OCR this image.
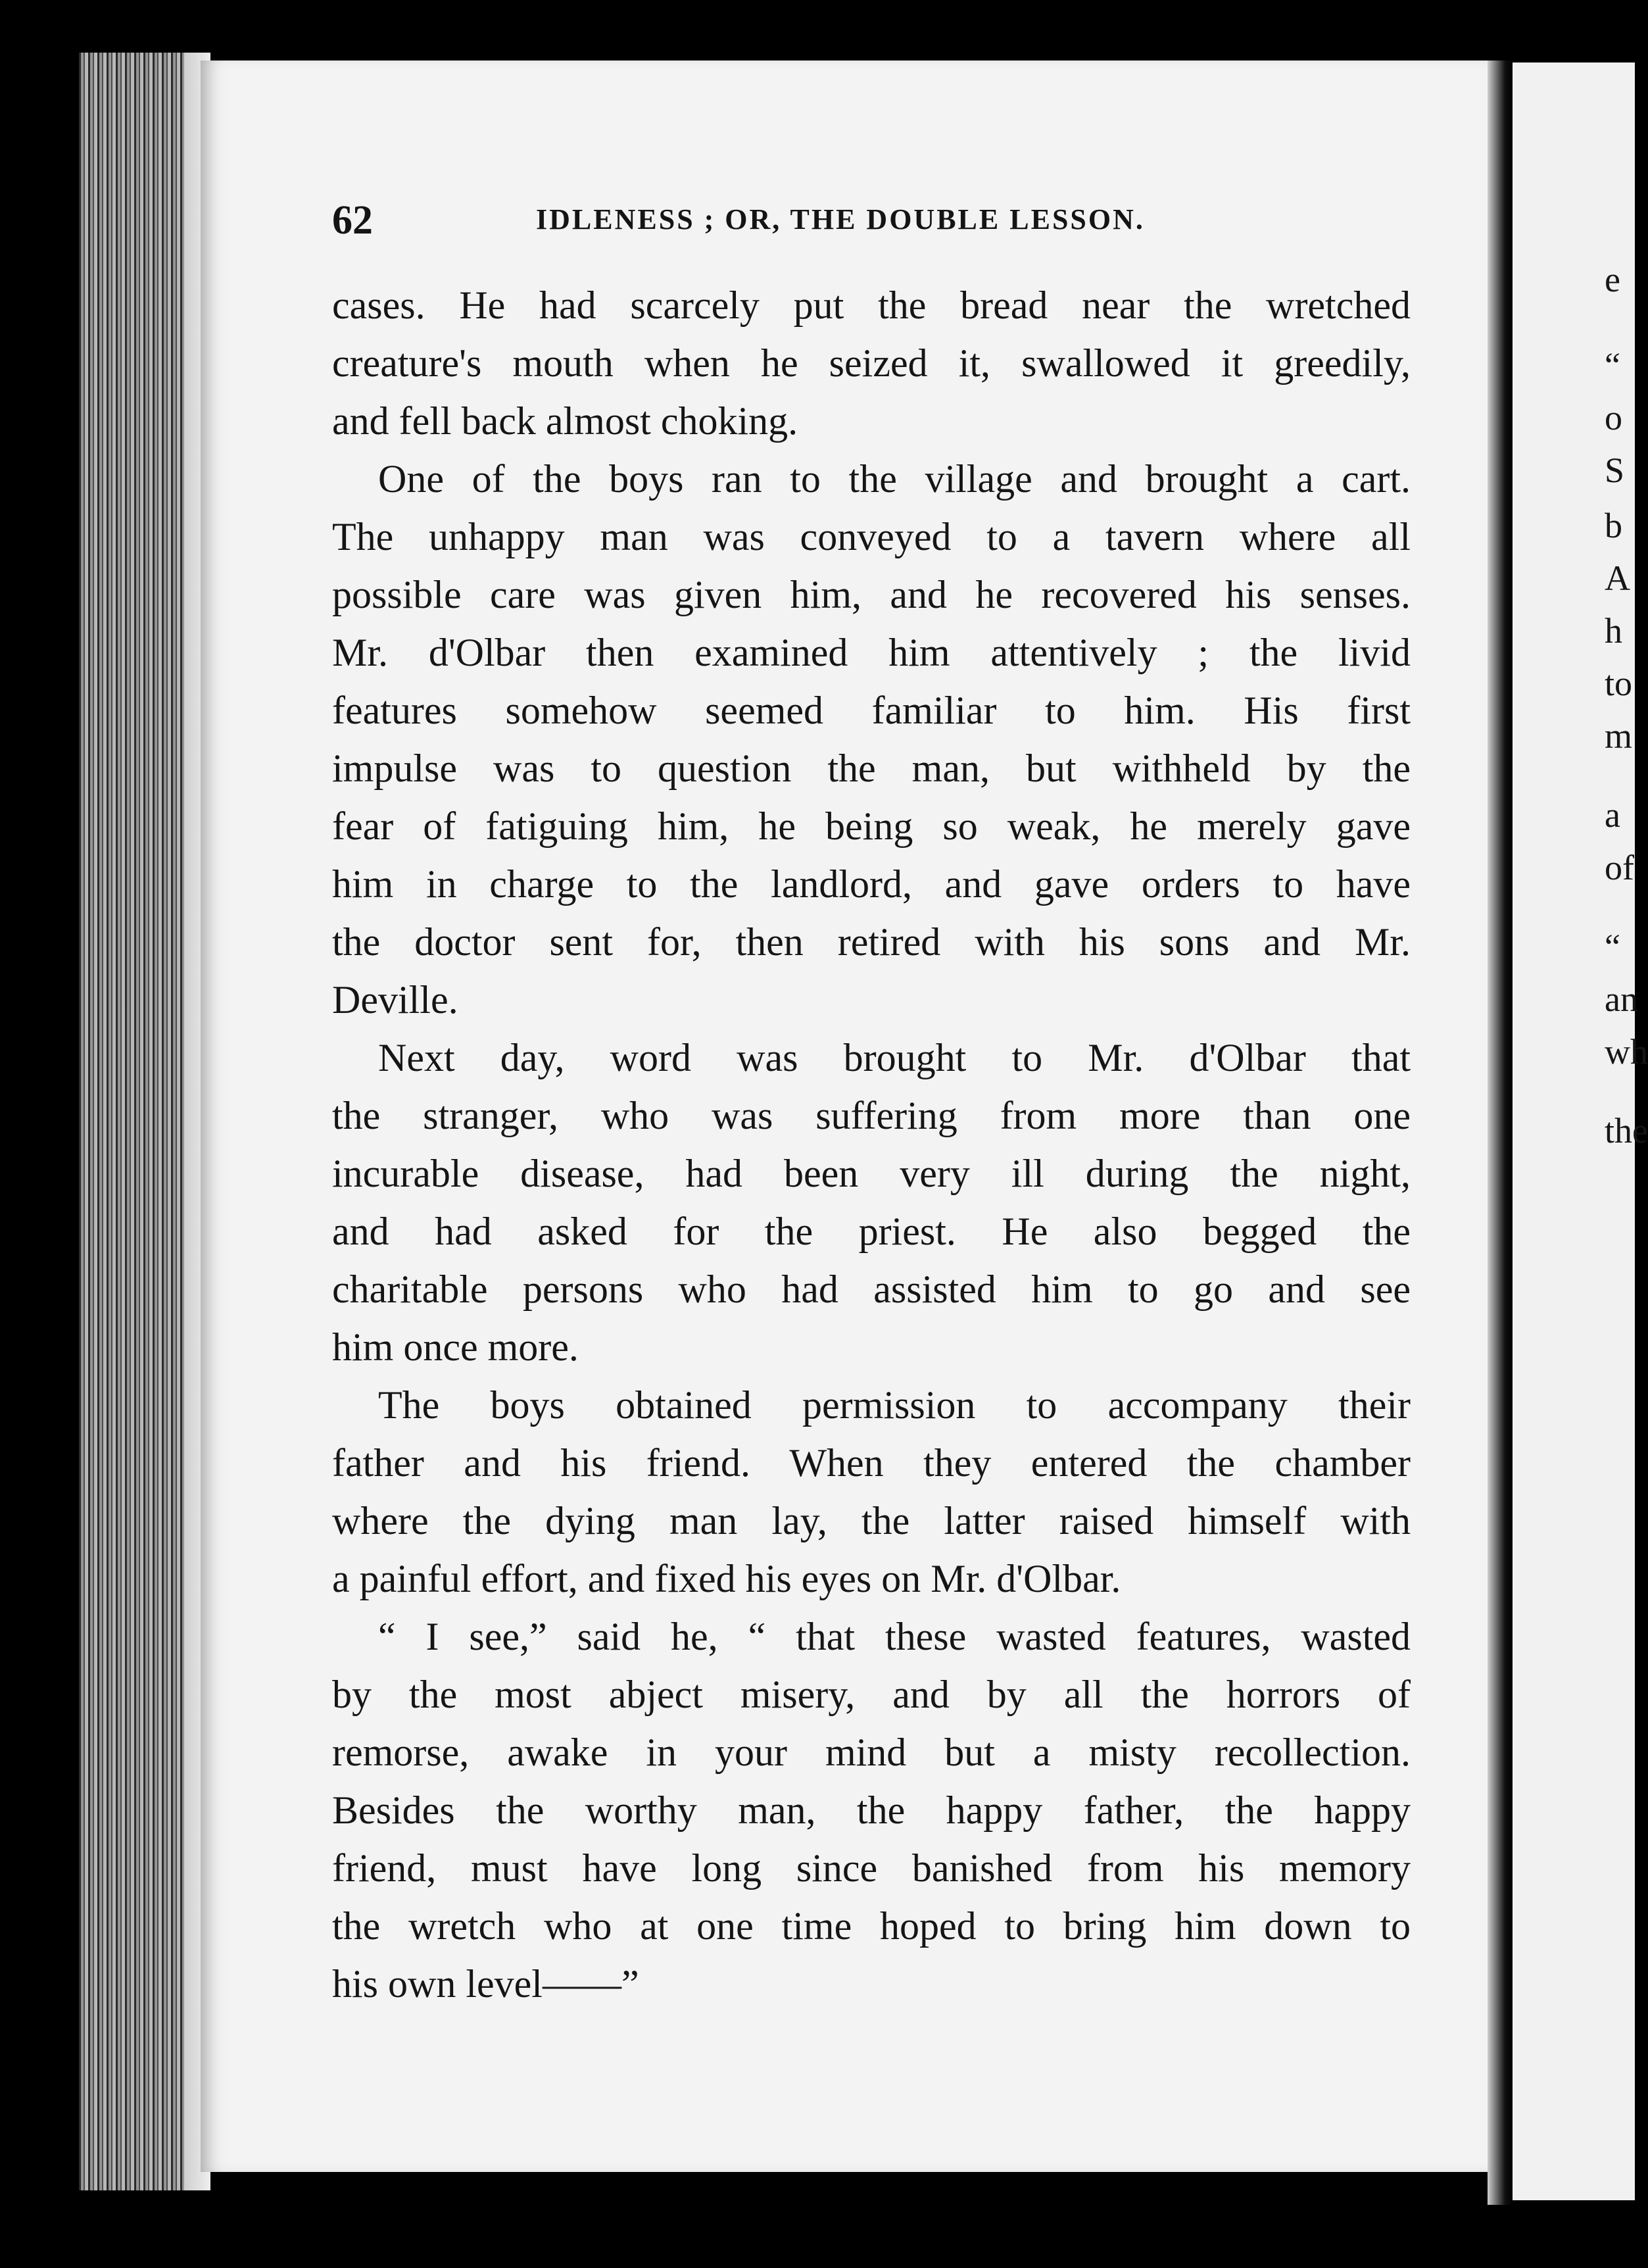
62	IDLENESS ; OR, THE DOUBLE LESSON.
cases. He had scarcely put the bread near the wretched
creature's mouth when he seized it, swallowed it greedily,
and fell back almost choking.
One of the boys ran to the village and brought a cart.
The unhappy man was conveyed to a tavern where all
possible care was given him, and he recovered his senses.
Mr. d'Olbar then examined him attentively ; the livid
features somehow seemed familiar to him. His first
impulse was to question the man, but withheld by the
fear of fatiguing him, he being so weak, he merely gave
him in charge to the landlord, and gave orders to have
the doctor sent for, then retired with his sons and Mr.
Deville.
Next day, word was brought to Mr. d'Olbar that
the stranger, who was suffering from more than one
incurable disease, had been very ill during the night,
and had asked for the priest. He also begged the
charitable persons who had assisted him to go and see
him once more.
The boys obtained permission to accompany their
father and his friend. When they entered the chamber
where the dying man lay, the latter raised himself with
a painful effort, and fixed his eyes on Mr. d'Olbar.
“ I see,” said he, “ that these wasted features, wasted
by the most abject misery, and by all the horrors of
remorse, awake in your mind but a misty recollection.
Besides the worthy man, the happy father, the happy
friend, must have long since banished from his memory
the wretch who at one time hoped to bring him down to
his own level——”
e
“
o
S
b
A
h
to
m
a
of
“
an
wh
the
